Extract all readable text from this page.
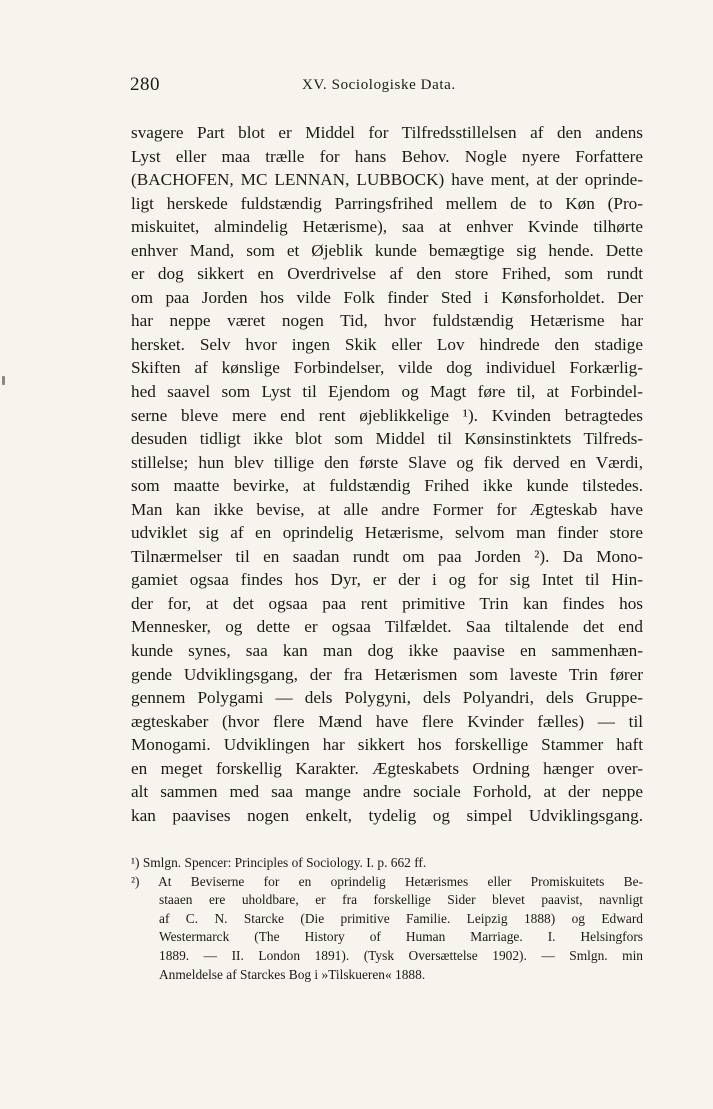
280	XV. Sociologiske Data.
svagere Part blot er Middel for Tilfredsstillelsen af den andens
Lyst eller maa trælle for hans Behov. Nogle nyere Forfattere
(BACHOFEN, MC LENNAN, LUBBOCK) have ment, at der oprinde-
ligt herskede fuldstændig Parringsfrihed mellem de to Køn (Pro-
miskuitet, almindelig Hetærisme), saa at enhver Kvinde tilhørte
enhver Mand, som et Øjeblik kunde bemægtige sig hende. Dette
er dog sikkert en Overdrivelse af den store Frihed, som rundt
om paa Jorden hos vilde Folk finder Sted i Kønsforholdet. Der
har neppe været nogen Tid, hvor fuldstændig Hetærisme har
hersket. Selv hvor ingen Skik eller Lov hindrede den stadige
Skiften af kønslige Forbindelser, vilde dog individuel Forkærlig-
hed saavel som Lyst til Ejendom og Magt føre til, at Forbindel-
serne bleve mere end rent øjeblikkelige ¹). Kvinden betragtedes
desuden tidligt ikke blot som Middel til Kønsinstinktets Tilfreds-
stillelse; hun blev tillige den første Slave og fik derved en Værdi,
som maatte bevirke, at fuldstændig Frihed ikke kunde tilstedes.
Man kan ikke bevise, at alle andre Former for Ægteskab have
udviklet sig af en oprindelig Hetærisme, selvom man finder store
Tilnærmelser til en saadan rundt om paa Jorden ²). Da Mono-
gamiet ogsaa findes hos Dyr, er der i og for sig Intet til Hin-
der for, at det ogsaa paa rent primitive Trin kan findes hos
Mennesker, og dette er ogsaa Tilfældet. Saa tiltalende det end
kunde synes, saa kan man dog ikke paavise en sammenhæn-
gende Udviklingsgang, der fra Hetærismen som laveste Trin fører
gennem Polygami — dels Polygyni, dels Polyandri, dels Gruppe-
ægteskaber (hvor flere Mænd have flere Kvinder fælles) — til
Monogami. Udviklingen har sikkert hos forskellige Stammer haft
en meget forskellig Karakter. Ægteskabets Ordning hænger over-
alt sammen med saa mange andre sociale Forhold, at der neppe
kan paavises nogen enkelt, tydelig og simpel Udviklingsgang.
¹) Smlgn. Spencer: Principles of Sociology. I. p. 662 ff.
²) At Beviserne for en oprindelig Hetærismes eller Promiskuitets Be-
staaen ere uholdbare, er fra forskellige Sider blevet paavist, navnligt
af C. N. Starcke (Die primitive Familie. Leipzig 1888) og Edward
Westermarck (The History of Human Marriage. I. Helsingfors
1889. — II. London 1891). (Tysk Oversættelse 1902). — Smlgn. min
Anmeldelse af Starckes Bog i »Tilskueren« 1888.
